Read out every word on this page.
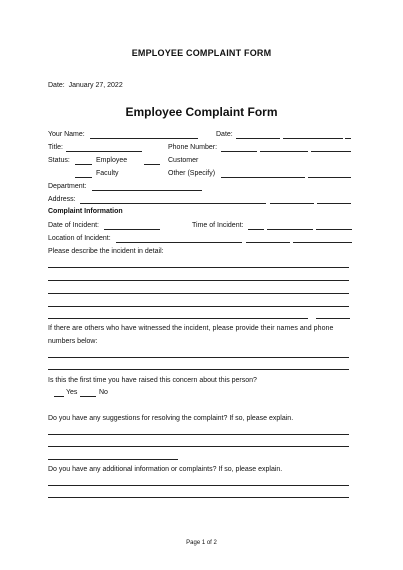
EMPLOYEE COMPLAINT FORM
Date: January 27, 2022
Employee Complaint Form
Your Name:	Date:
Title:	Phone Number:
Status:	Employee	Customer
Faculty	Other (Specify)
Department:
Address:
Complaint Information
Date of Incident:	Time of Incident:
Location of Incident:
Please describe the incident in detail:
If there are others who have witnessed the incident, please provide their names and phone
numbers below:
Is this the first time you have raised this concern about this person?
Yes	No
Do you have any suggestions for resolving the complaint? If so, please explain.
Do you have any additional information or complaints? If so, please explain.
Page 1 of 2
